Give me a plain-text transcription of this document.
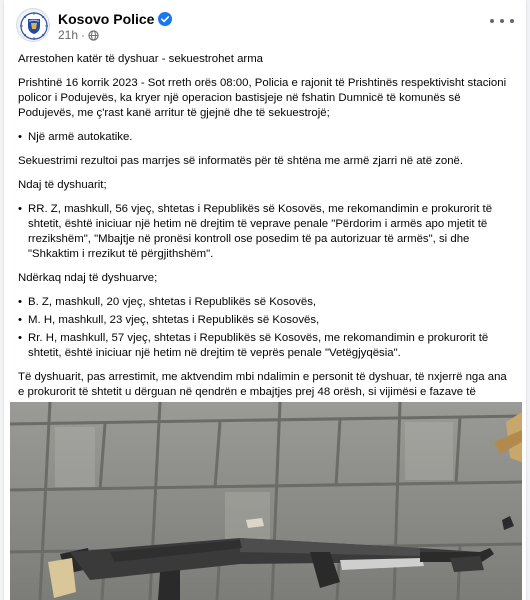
Kosovo Police
21h ·

Arrestohen katër të dyshuar - sekuestrohet arma

Prishtinë 16 korrik 2023 - Sot rreth orës 08:00, Policia e rajonit të Prishtinës respektivisht stacioni policor i Podujevës, ka kryer një operacion bastisjeje në fshatin Dumnicë të komunës së Podujevës, me ç'rast kanë arritur të gjejnë dhe të sekuestrojë;

• Një armë autokatike.

Sekuestrimi rezultoi pas marrjes së informatës për të shtëna me armë zjarri në atë zonë.

Ndaj të dyshuarit;

• RR. Z, mashkull, 56 vjeç, shtetas i Republikës së Kosovës, me rekomandimin e prokurorit të shtetit, është iniciuar një hetim në drejtim të veprave penale "Përdorim i armës apo mjetit të rrezikshëm", "Mbajtje në pronësi kontroll ose posedim të pa autorizuar të armës", si dhe "Shkaktim i rrezikut të përgjithshëm".

Ndërkaq ndaj të dyshuarve;

• B. Z, mashkull, 20 vjeç, shtetas i Republikës së Kosovës,

• M. H, mashkull, 23 vjeç, shtetas i Republikës së Kosovës,

• Rr. H, mashkull, 57 vjeç, shtetas i Republikës së Kosovës, me rekomandimin e prokurorit të shtetit, është iniciuar një hetim në drejtim të veprës penale "Vetëgjyqësia".

Të dyshuarit, pas arrestimit, me aktvendim mbi ndalimin e personit të dyshuar, të nxjerrë nga ana e prokurorit të shtetit u dërguan në qendrën e mbajtjes prej 48 orësh, si vijimësi e fazave të
